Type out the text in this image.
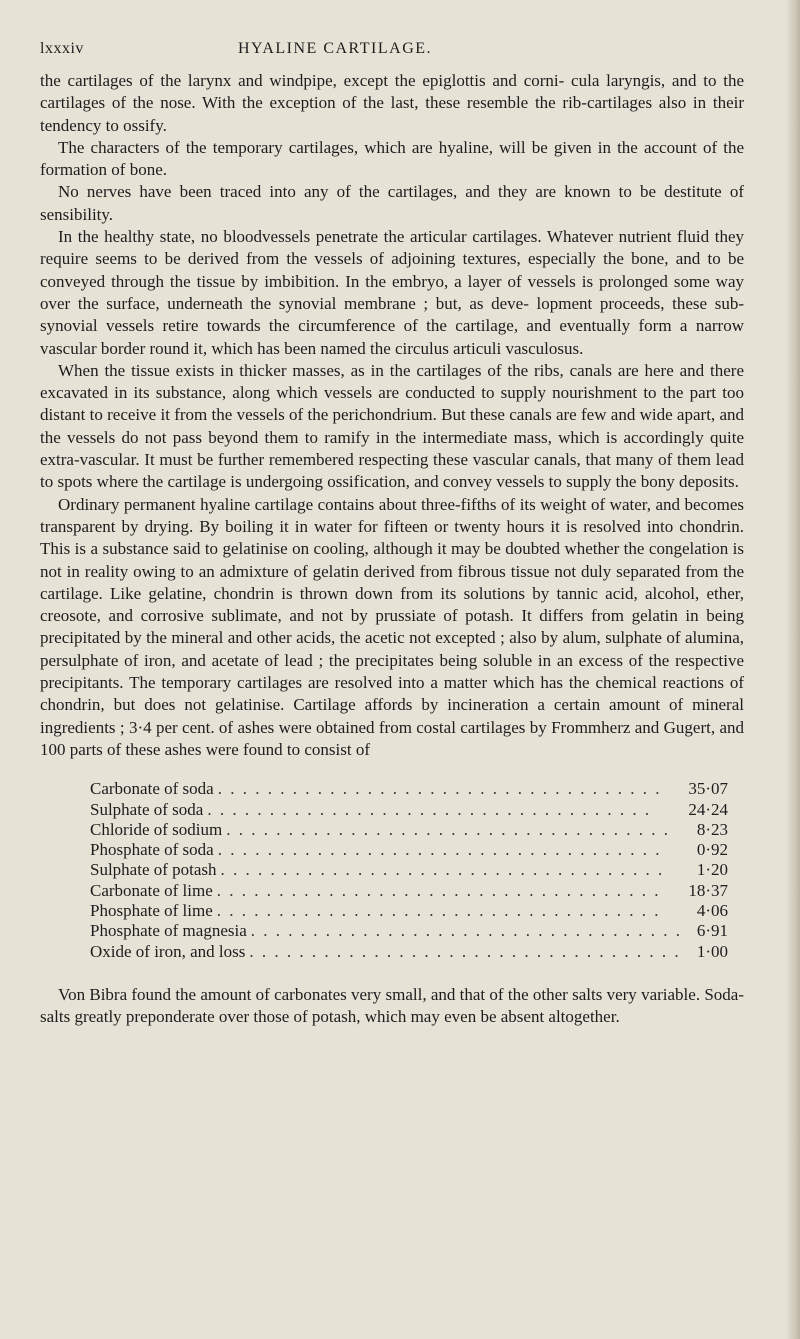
lxxxiv	HYALINE CARTILAGE.

the cartilages of the larynx and windpipe, except the epiglottis and corni- cula laryngis, and to the cartilages of the nose. With the exception of the last, these resemble the rib-cartilages also in their tendency to ossify.

The characters of the temporary cartilages, which are hyaline, will be given in the account of the formation of bone.

No nerves have been traced into any of the cartilages, and they are known to be destitute of sensibility.

In the healthy state, no bloodvessels penetrate the articular cartilages. Whatever nutrient fluid they require seems to be derived from the vessels of adjoining textures, especially the bone, and to be conveyed through the tissue by imbibition. In the embryo, a layer of vessels is prolonged some way over the surface, underneath the synovial membrane ; but, as deve- lopment proceeds, these sub-synovial vessels retire towards the circumference of the cartilage, and eventually form a narrow vascular border round it, which has been named the circulus articuli vasculosus.

When the tissue exists in thicker masses, as in the cartilages of the ribs, canals are here and there excavated in its substance, along which vessels are conducted to supply nourishment to the part too distant to receive it from the vessels of the perichondrium. But these canals are few and wide apart, and the vessels do not pass beyond them to ramify in the intermediate mass, which is accordingly quite extra-vascular. It must be further remembered respecting these vascular canals, that many of them lead to spots where the cartilage is undergoing ossification, and convey vessels to supply the bony deposits.

Ordinary permanent hyaline cartilage contains about three-fifths of its weight of water, and becomes transparent by drying. By boiling it in water for fifteen or twenty hours it is resolved into chondrin. This is a substance said to gelatinise on cooling, although it may be doubted whether the congelation is not in reality owing to an admixture of gelatin derived from fibrous tissue not duly separated from the cartilage. Like gelatine, chondrin is thrown down from its solutions by tannic acid, alcohol, ether, creosote, and corrosive sublimate, and not by prussiate of potash. It differs from gelatin in being precipitated by the mineral and other acids, the acetic not excepted ; also by alum, sulphate of alumina, persulphate of iron, and acetate of lead ; the precipitates being soluble in an excess of the respective precipitants. The temporary cartilages are resolved into a matter which has the chemical reactions of chondrin, but does not gelatinise. Cartilage affords by incineration a certain amount of mineral ingredients ; 3·4 per cent. of ashes were obtained from costal cartilages by Frommherz and Gugert, and 100 parts of these ashes were found to consist of

Carbonate of soda . . .	35·07
Sulphate of soda . . .	24·24
Chloride of sodium . . .	8·23
Phosphate of soda . . .	0·92
Sulphate of potash . . .	1·20
Carbonate of lime . . .	18·37
Phosphate of lime . . .	4·06
Phosphate of magnesia . . .	6·91
Oxide of iron, and loss . . .	1·00

Von Bibra found the amount of carbonates very small, and that of the other salts very variable. Soda-salts greatly preponderate over those of potash, which may even be absent altogether.
